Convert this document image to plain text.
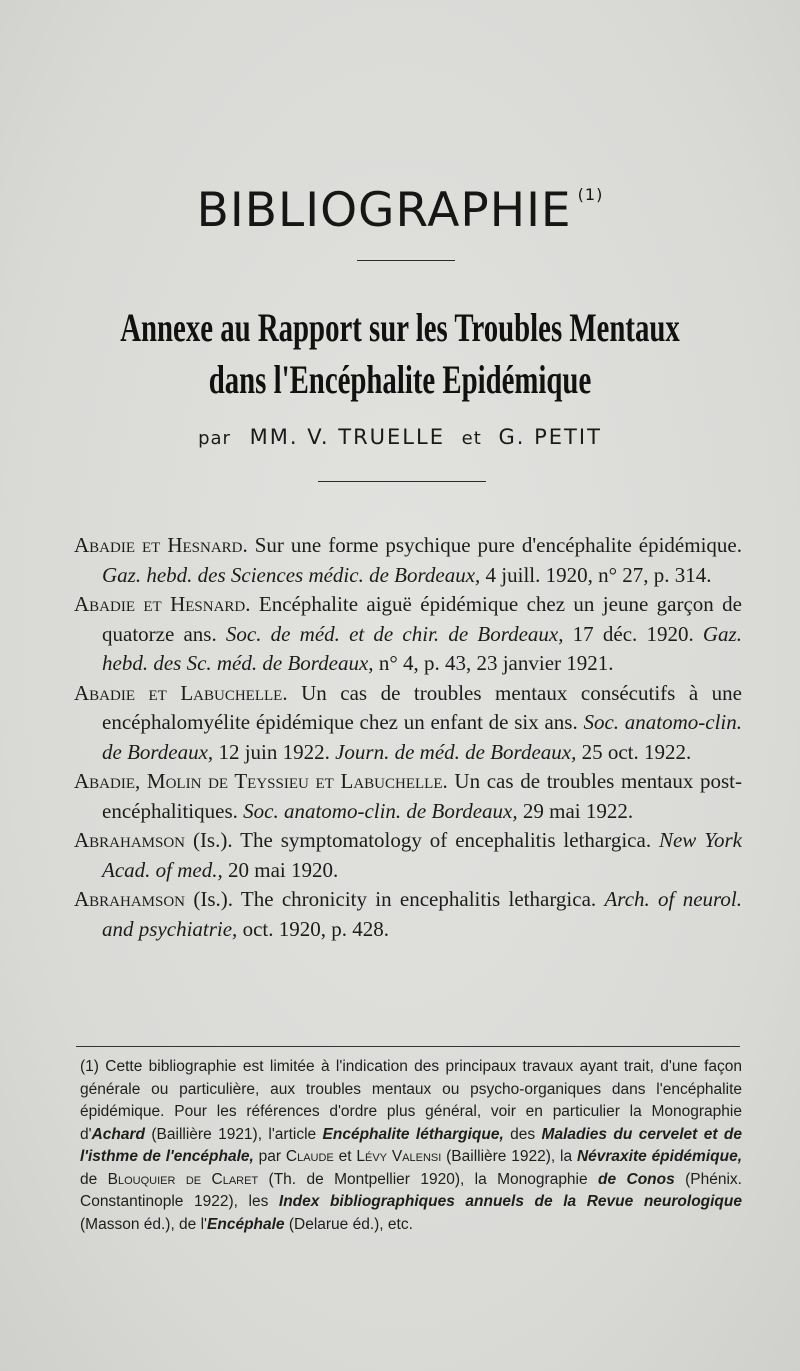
BIBLIOGRAPHIE $^{(1)}$
Annexe au Rapport sur les Troubles Mentaux
dans l'Encéphalite Epidémique
par MM. V. TRUELLE et G. PETIT

Abadie et Hesnard. Sur une forme psychique pure d'encéphalite épidémique. Gaz. hebd. des Sciences médic. de Bordeaux, 4 juill. 1920, n° 27, p. 314.

Abadie et Hesnard. Encéphalite aiguë épidémique chez un jeune garçon de quatorze ans. Soc. de méd. et de chir. de Bordeaux, 17 déc. 1920. Gaz. hebd. des Sc. méd. de Bordeaux, n° 4, p. 43, 23 janvier 1921.

Abadie et Labuchelle. Un cas de troubles mentaux consécutifs à une encéphalomyélite épidémique chez un enfant de six ans. Soc. anatomo-clin. de Bordeaux, 12 juin 1922. Journ. de méd. de Bordeaux, 25 oct. 1922.

Abadie, Molin de Teyssieu et Labuchelle. Un cas de troubles mentaux post-encéphalitiques. Soc. anatomo-clin. de Bordeaux, 29 mai 1922.

Abrahamson (Is.). The symptomatology of encephalitis lethargica. New York Acad. of med., 20 mai 1920.

Abrahamson (Is.). The chronicity in encephalitis lethargica. Arch. of neurol. and psychiatrie, oct. 1920, p. 428.

(1) Cette bibliographie est limitée à l'indication des principaux travaux ayant trait, d'une façon générale ou particulière, aux troubles mentaux ou psycho-organiques dans l'encéphalite épidémique. Pour les références d'ordre plus général, voir en particulier la Monographie d'Achard (Baillière 1921), l'article Encéphalite léthargique, des Maladies du cervelet et de l'isthme de l'encéphale, par Claude et Lévy Valensi (Baillière 1922), la Névraxite épidémique, de Blouquier de Claret (Th. de Montpellier 1920), la Monographie de Conos (Phénix. Constantinople 1922), les Index bibliographiques annuels de la Revue neurologique (Masson éd.), de l'Encéphale (Delarue éd.), etc.
